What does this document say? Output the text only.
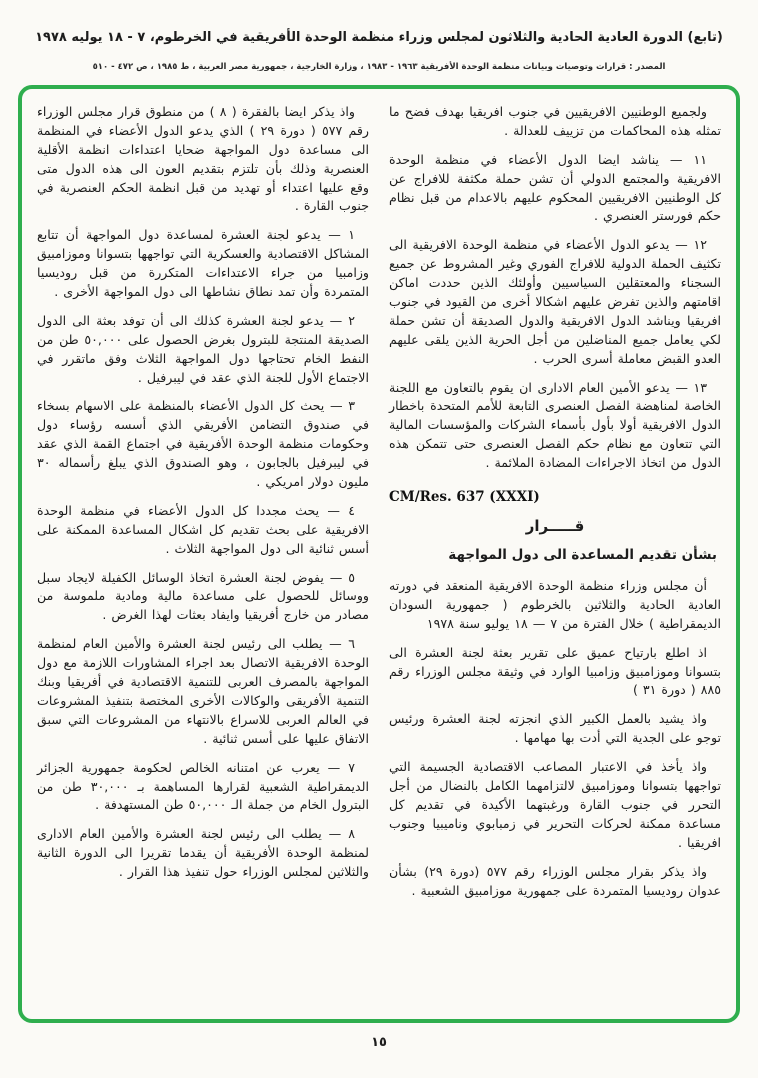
(تابع) الدورة العادية الحادية والثلاثون لمجلس وزراء منظمة الوحدة الأفريقية في الخرطوم، ٧ - ١٨ يوليه ١٩٧٨
المصدر : قرارات وتوصيات وبيانات منظمة الوحدة الأفريقية ١٩٦٣ - ١٩٨٣ ، وزارة الخارجية ، جمهورية مصر العربية ، ط ١٩٨٥ ، ص ٤٧٢ - ٥١٠

ولجميع الوطنيين الافريقيين في جنوب افريقيا بهدف فضح ما تمثله هذه المحاكمات من تزييف للعدالة .

١١ — يناشد ايضا الدول الأعضاء في منظمة الوحدة الافريقية والمجتمع الدولي أن تشن حملة مكثفة للافراج عن كل الوطنيين الافريقيين المحكوم عليهم بالاعدام من قبل نظام حكم فورستر العنصري .

١٢ — يدعو الدول الأعضاء في منظمة الوحدة الافريقية الى تكثيف الحملة الدولية للافراج الفوري وغير المشروط عن جميع السجناء والمعتقلين السياسيين وأولئك الذين حددت اماكن اقامتهم والذين تفرض عليهم اشكالا أخرى من القيود في جنوب افريقيا ويناشد الدول الافريقية والدول الصديقة أن تشن حملة لكي يعامل جميع المناضلين من أجل الحرية الذين يلقى عليهم العدو القبض معاملة أسرى الحرب .

١٣ — يدعو الأمين العام الادارى ان يقوم بالتعاون مع اللجنة الخاصة لمناهضة الفصل العنصرى التابعة للأمم المتحدة باخطار الدول الافريقية أولا بأول بأسماء الشركات والمؤسسات المالية التي تتعاون مع نظام حكم الفصل العنصرى حتى تتمكن هذه الدول من اتخاذ الاجراءات المضادة الملائمة .

CM/Res. 637 (XXXI)
قـــــرار
بشأن تقديم المساعدة الى دول المواجهة

أن مجلس وزراء منظمة الوحدة الافريقية المنعقد في دورته العادية الحادية والثلاثين بالخرطوم ( جمهورية السودان الديمقراطية ) خلال الفترة من ٧ — ١٨ يوليو سنة ١٩٧٨

اذ اطلع بارتياح عميق على تقرير بعثة لجنة العشرة الى بتسوانا وموزامبيق وزامبيا الوارد في وثيقة مجلس الوزراء رقم ٨٨٥ ( دورة ٣١ )

واذ يشيد بالعمل الكبير الذي انجزته لجنة العشرة ورئيس توجو على الجدية التي أدت بها مهامها .

واذ يأخذ في الاعتبار المصاعب الاقتصادية الجسيمة التي تواجهها بتسوانا وموزامبيق لالتزامهما الكامل بالنضال من أجل التحرر في جنوب القارة ورغبتهما الأكيدة في تقديم كل مساعدة ممكنة لحركات التحرير في زمبابوي وناميبيا وجنوب افريقيا .

واذ يذكر بقرار مجلس الوزراء رقم ٥٧٧ (دورة ٢٩) بشأن عدوان روديسيا المتمردة على جمهورية موزامبيق الشعبية .

واذ يذكر ايضا بالفقرة ( ٨ ) من منطوق قرار مجلس الوزراء رقم ٥٧٧ ( دورة ٢٩ ) الذي يدعو الدول الأعضاء في المنظمة الى مساعدة دول المواجهة ضحايا اعتداءات انظمة الأقلية العنصرية وذلك بأن تلتزم بتقديم العون الى هذه الدول متى وقع عليها اعتداء أو تهديد من قبل انظمة الحكم العنصرية في جنوب القارة .

١ — يدعو لجنة العشرة لمساعدة دول المواجهة أن تتابع المشاكل الاقتصادية والعسكرية التي تواجهها بتسوانا وموزامبيق وزامبيا من جراء الاعتداءات المتكررة من قبل روديسيا المتمردة وأن تمد نطاق نشاطها الى دول المواجهة الأخرى .

٢ — يدعو لجنة العشرة كذلك الى أن توفد بعثة الى الدول الصديقة المنتجة للبترول بغرض الحصول على ٥٠,٠٠٠ طن من النفط الخام تحتاجها دول المواجهة الثلاث وفق ماتقرر في الاجتماع الأول للجنة الذي عقد في ليبرفيل .

٣ — يحث كل الدول الأعضاء بالمنظمة على الاسهام بسخاء في صندوق التضامن الأفريقي الذي أسسه رؤساء دول وحكومات منظمة الوحدة الأفريقية في اجتماع القمة الذي عقد في ليبرفيل بالجابون ، وهو الصندوق الذي يبلغ رأسماله ٣٠ مليون دولار امريكي .

٤ — يحث مجددا كل الدول الأعضاء في منظمة الوحدة الافريقية على بحث تقديم كل اشكال المساعدة الممكنة على أسس ثنائية الى دول المواجهة الثلاث .

٥ — يفوض لجنة العشرة اتخاذ الوسائل الكفيلة لايجاد سبل ووسائل للحصول على مساعدة مالية ومادية ملموسة من مصادر من خارج أفريقيا وايفاد بعثات لهذا الغرض .

٦ — يطلب الى رئيس لجنة العشرة والأمين العام لمنظمة الوحدة الافريقية الاتصال بعد اجراء المشاورات اللازمة مع دول المواجهة بالمصرف العربى للتنمية الاقتصادية في أفريقيا وبنك التنمية الأفريقى والوكالات الأخرى المختصة بتنفيذ المشروعات في العالم العربى للاسراع بالانتهاء من المشروعات التي سبق الاتفاق عليها على أسس ثنائية .

٧ — يعرب عن امتنانه الخالص لحكومة جمهورية الجزائر الديمقراطية الشعبية لقرارها المساهمة بـ ٣٠,٠٠٠ طن من البترول الخام من جملة الـ ٥٠,٠٠٠ طن المستهدفة .

٨ — يطلب الى رئيس لجنة العشرة والأمين العام الادارى لمنظمة الوحدة الأفريقية أن يقدما تقريرا الى الدورة الثانية والثلاثين لمجلس الوزراء حول تنفيذ هذا القرار .

١٥
